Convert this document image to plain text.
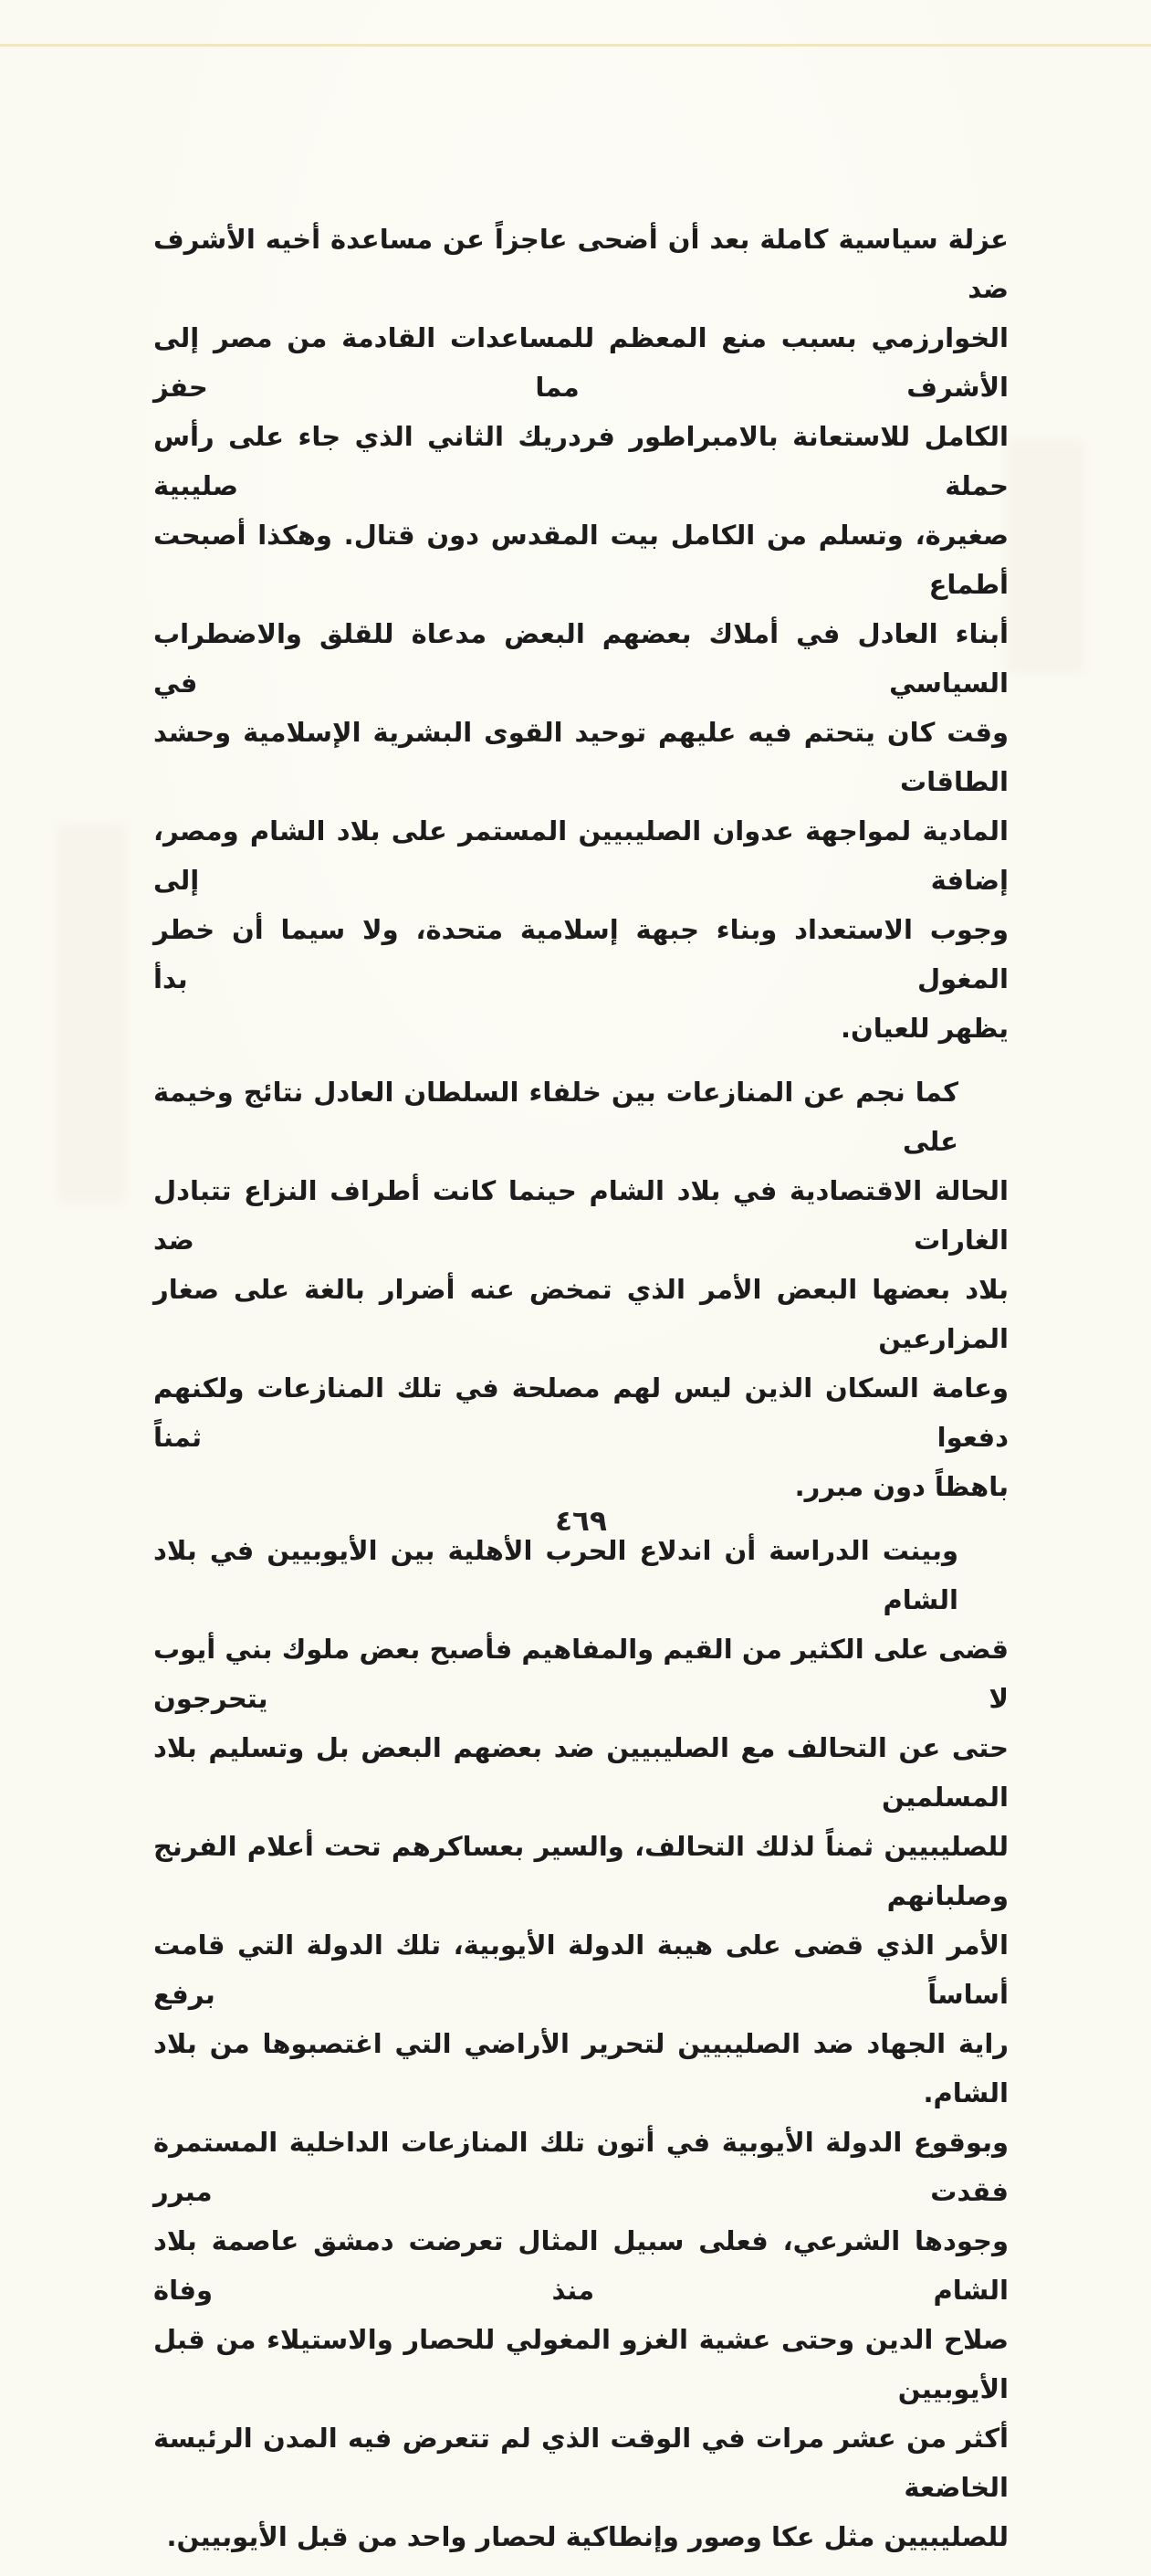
عزلة سياسية كاملة بعد أن أضحى عاجزاً عن مساعدة أخيه الأشرف ضد
الخوارزمي بسبب منع المعظم للمساعدات القادمة من مصر إلى الأشرف مما حفز
الكامل للاستعانة بالامبراطور فردريك الثاني الذي جاء على رأس حملة صليبية
صغيرة، وتسلم من الكامل بيت المقدس دون قتال. وهكذا أصبحت أطماع
أبناء العادل في أملاك بعضهم البعض مدعاة للقلق والاضطراب السياسي في
وقت كان يتحتم فيه عليهم توحيد القوى البشرية الإسلامية وحشد الطاقات
المادية لمواجهة عدوان الصليبيين المستمر على بلاد الشام ومصر، إضافة إلى
وجوب الاستعداد وبناء جبهة إسلامية متحدة، ولا سيما أن خطر المغول بدأ
يظهر للعيان.
كما نجم عن المنازعات بين خلفاء السلطان العادل نتائج وخيمة على
الحالة الاقتصادية في بلاد الشام حينما كانت أطراف النزاع تتبادل الغارات ضد
بلاد بعضها البعض الأمر الذي تمخض عنه أضرار بالغة على صغار المزارعين
وعامة السكان الذين ليس لهم مصلحة في تلك المنازعات ولكنهم دفعوا ثمناً
باهظاً دون مبرر.
وبينت الدراسة أن اندلاع الحرب الأهلية بين الأيوبيين في بلاد الشام
قضى على الكثير من القيم والمفاهيم فأصبح بعض ملوك بني أيوب لا يتحرجون
حتى عن التحالف مع الصليبيين ضد بعضهم البعض بل وتسليم بلاد المسلمين
للصليبيين ثمناً لذلك التحالف، والسير بعساكرهم تحت أعلام الفرنج وصلبانهم
الأمر الذي قضى على هيبة الدولة الأيوبية، تلك الدولة التي قامت أساساً برفع
راية الجهاد ضد الصليبيين لتحرير الأراضي التي اغتصبوها من بلاد الشام.
وبوقوع الدولة الأيوبية في أتون تلك المنازعات الداخلية المستمرة فقدت مبرر
وجودها الشرعي، فعلى سبيل المثال تعرضت دمشق عاصمة بلاد الشام منذ وفاة
صلاح الدين وحتى عشية الغزو المغولي للحصار والاستيلاء من قبل الأيوبيين
أكثر من عشر مرات في الوقت الذي لم تتعرض فيه المدن الرئيسة الخاضعة
للصليبيين مثل عكا وصور وإنطاكية لحصار واحد من قبل الأيوبيين.
٤٦٩
